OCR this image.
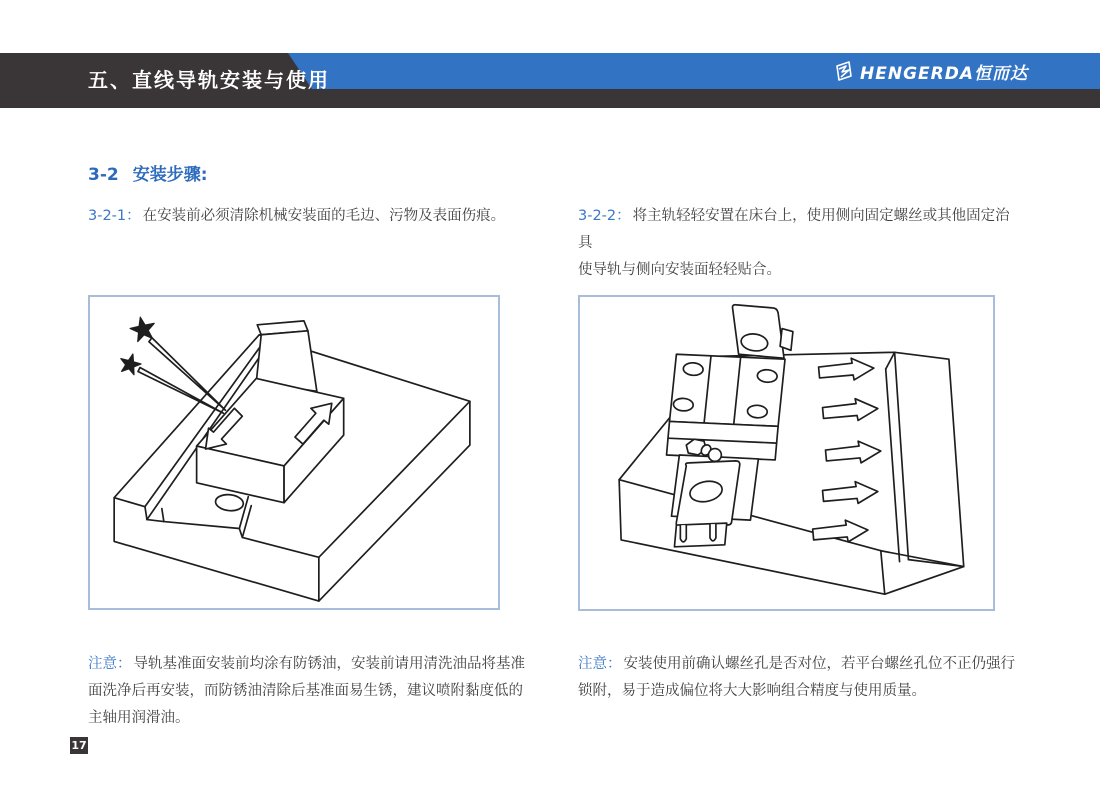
五、直线导轨安装与使用	HENGERDA恒而达
3-2 安装步骤:
3-2-1： 在安装前必须清除机械安装面的毛边、污物及表面伤痕。	3-2-2： 将主轨轻轻安置在床台上，使用侧向固定螺丝或其他固定治具
使导轨与侧向安装面轻轻贴合。
注意： 导轨基准面安装前均涂有防锈油，安装前请用清洗油品将基准
面洗净后再安装，而防锈油清除后基准面易生锈，建议喷附黏度低的
主轴用润滑油。
注意： 安装使用前确认螺丝孔是否对位，若平台螺丝孔位不正仍强行
锁附，易于造成偏位将大大影响组合精度与使用质量。
17
